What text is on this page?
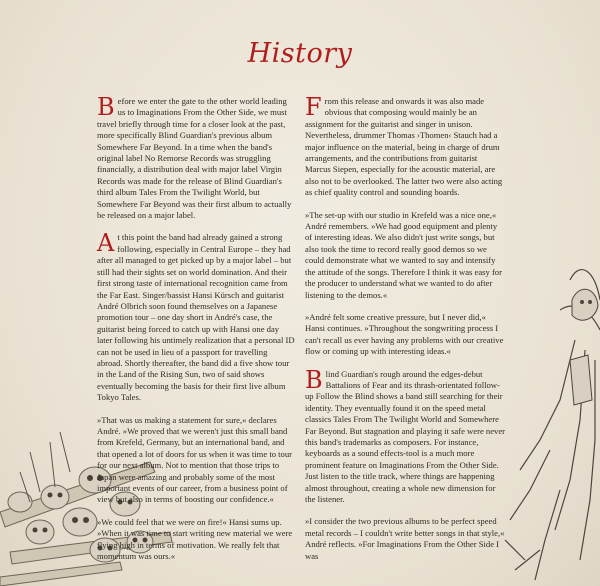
History

Before we enter the gate to the other world leading us to Imaginations From the Other Side, we must travel briefly through time for a closer look at the past, more specifically Blind Guardian's previous album Somewhere Far Beyond. In a time when the band's original label No Remorse Records was struggling financially, a distribution deal with major label Virgin Records was made for the release of Blind Guardian's third album Tales From the Twilight World, but Somewhere Far Beyond was their first album to actually be released on a major label.

At this point the band had already gained a strong following, especially in Central Europe – they had after all managed to get picked up by a major label – but still had their sights set on world domination. And their first strong taste of international recognition came from the Far East. Singer/bassist Hansi Kürsch and guitarist André Olbrich soon found themselves on a Japanese promotion tour – one day short in André's case, the guitarist being forced to catch up with Hansi one day later following his untimely realization that a personal ID can not be used in lieu of a passport for travelling abroad. Shortly thereafter, the band did a five show tour in the Land of the Rising Sun, two of said shows eventually becoming the basis for their first live album Tokyo Tales.

»That was us making a statement for sure,« declares André. »We proved that we weren't just this small band from Krefeld, Germany, but an international band, and that opened a lot of doors for us when it was time to tour for our next album. Not to mention that those trips to Japan were amazing and probably some of the most important events of our career, from a business point of view but also in terms of boosting our confidence.«

»We could feel that we were on fire!« Hansi sums up. »When it was time to start writing new material we were flying high in terms of motivation. We really felt that momentum was ours.«

From this release and onwards it was also made obvious that composing would mainly be an assignment for the guitarist and singer in unison. Nevertheless, drummer Thomas ›Thomen‹ Stauch had a major influence on the material, being in charge of drum arrangements, and the contributions from guitarist Marcus Siepen, especially for the acoustic material, are also not to be overlooked. The latter two were also acting as chief quality control and sounding boards.

»The set-up with our studio in Krefeld was a nice one,« André remembers. »We had good equipment and plenty of interesting ideas. We also didn't just write songs, but also took the time to record really good demos so we could demonstrate what we wanted to say and intensify the attitude of the songs. Therefore I think it was easy for the producer to understand what we wanted to do after listening to the demos.«

»André felt some creative pressure, but I never did,« Hansi continues. »Throughout the songwriting process I can't recall us ever having any problems with our creative flow or coming up with interesting ideas.«

Blind Guardian's rough around the edges-debut Battalions of Fear and its thrash-orientated follow-up Follow the Blind shows a band still searching for their identity. They eventually found it on the speed metal classics Tales From The Twilight World and Somewhere Far Beyond. But stagnation and playing it safe were never this band's trademarks as composers. For instance, keyboards as a sound effects-tool is a much more prominent feature on Imaginations From the Other Side. Just listen to the title track, where things are happening almost throughout, creating a whole new dimension for the listener.

»I consider the two previous albums to be perfect speed metal records – I couldn't write better songs in that style,« André reflects. »For Imaginations From the Other Side I was
